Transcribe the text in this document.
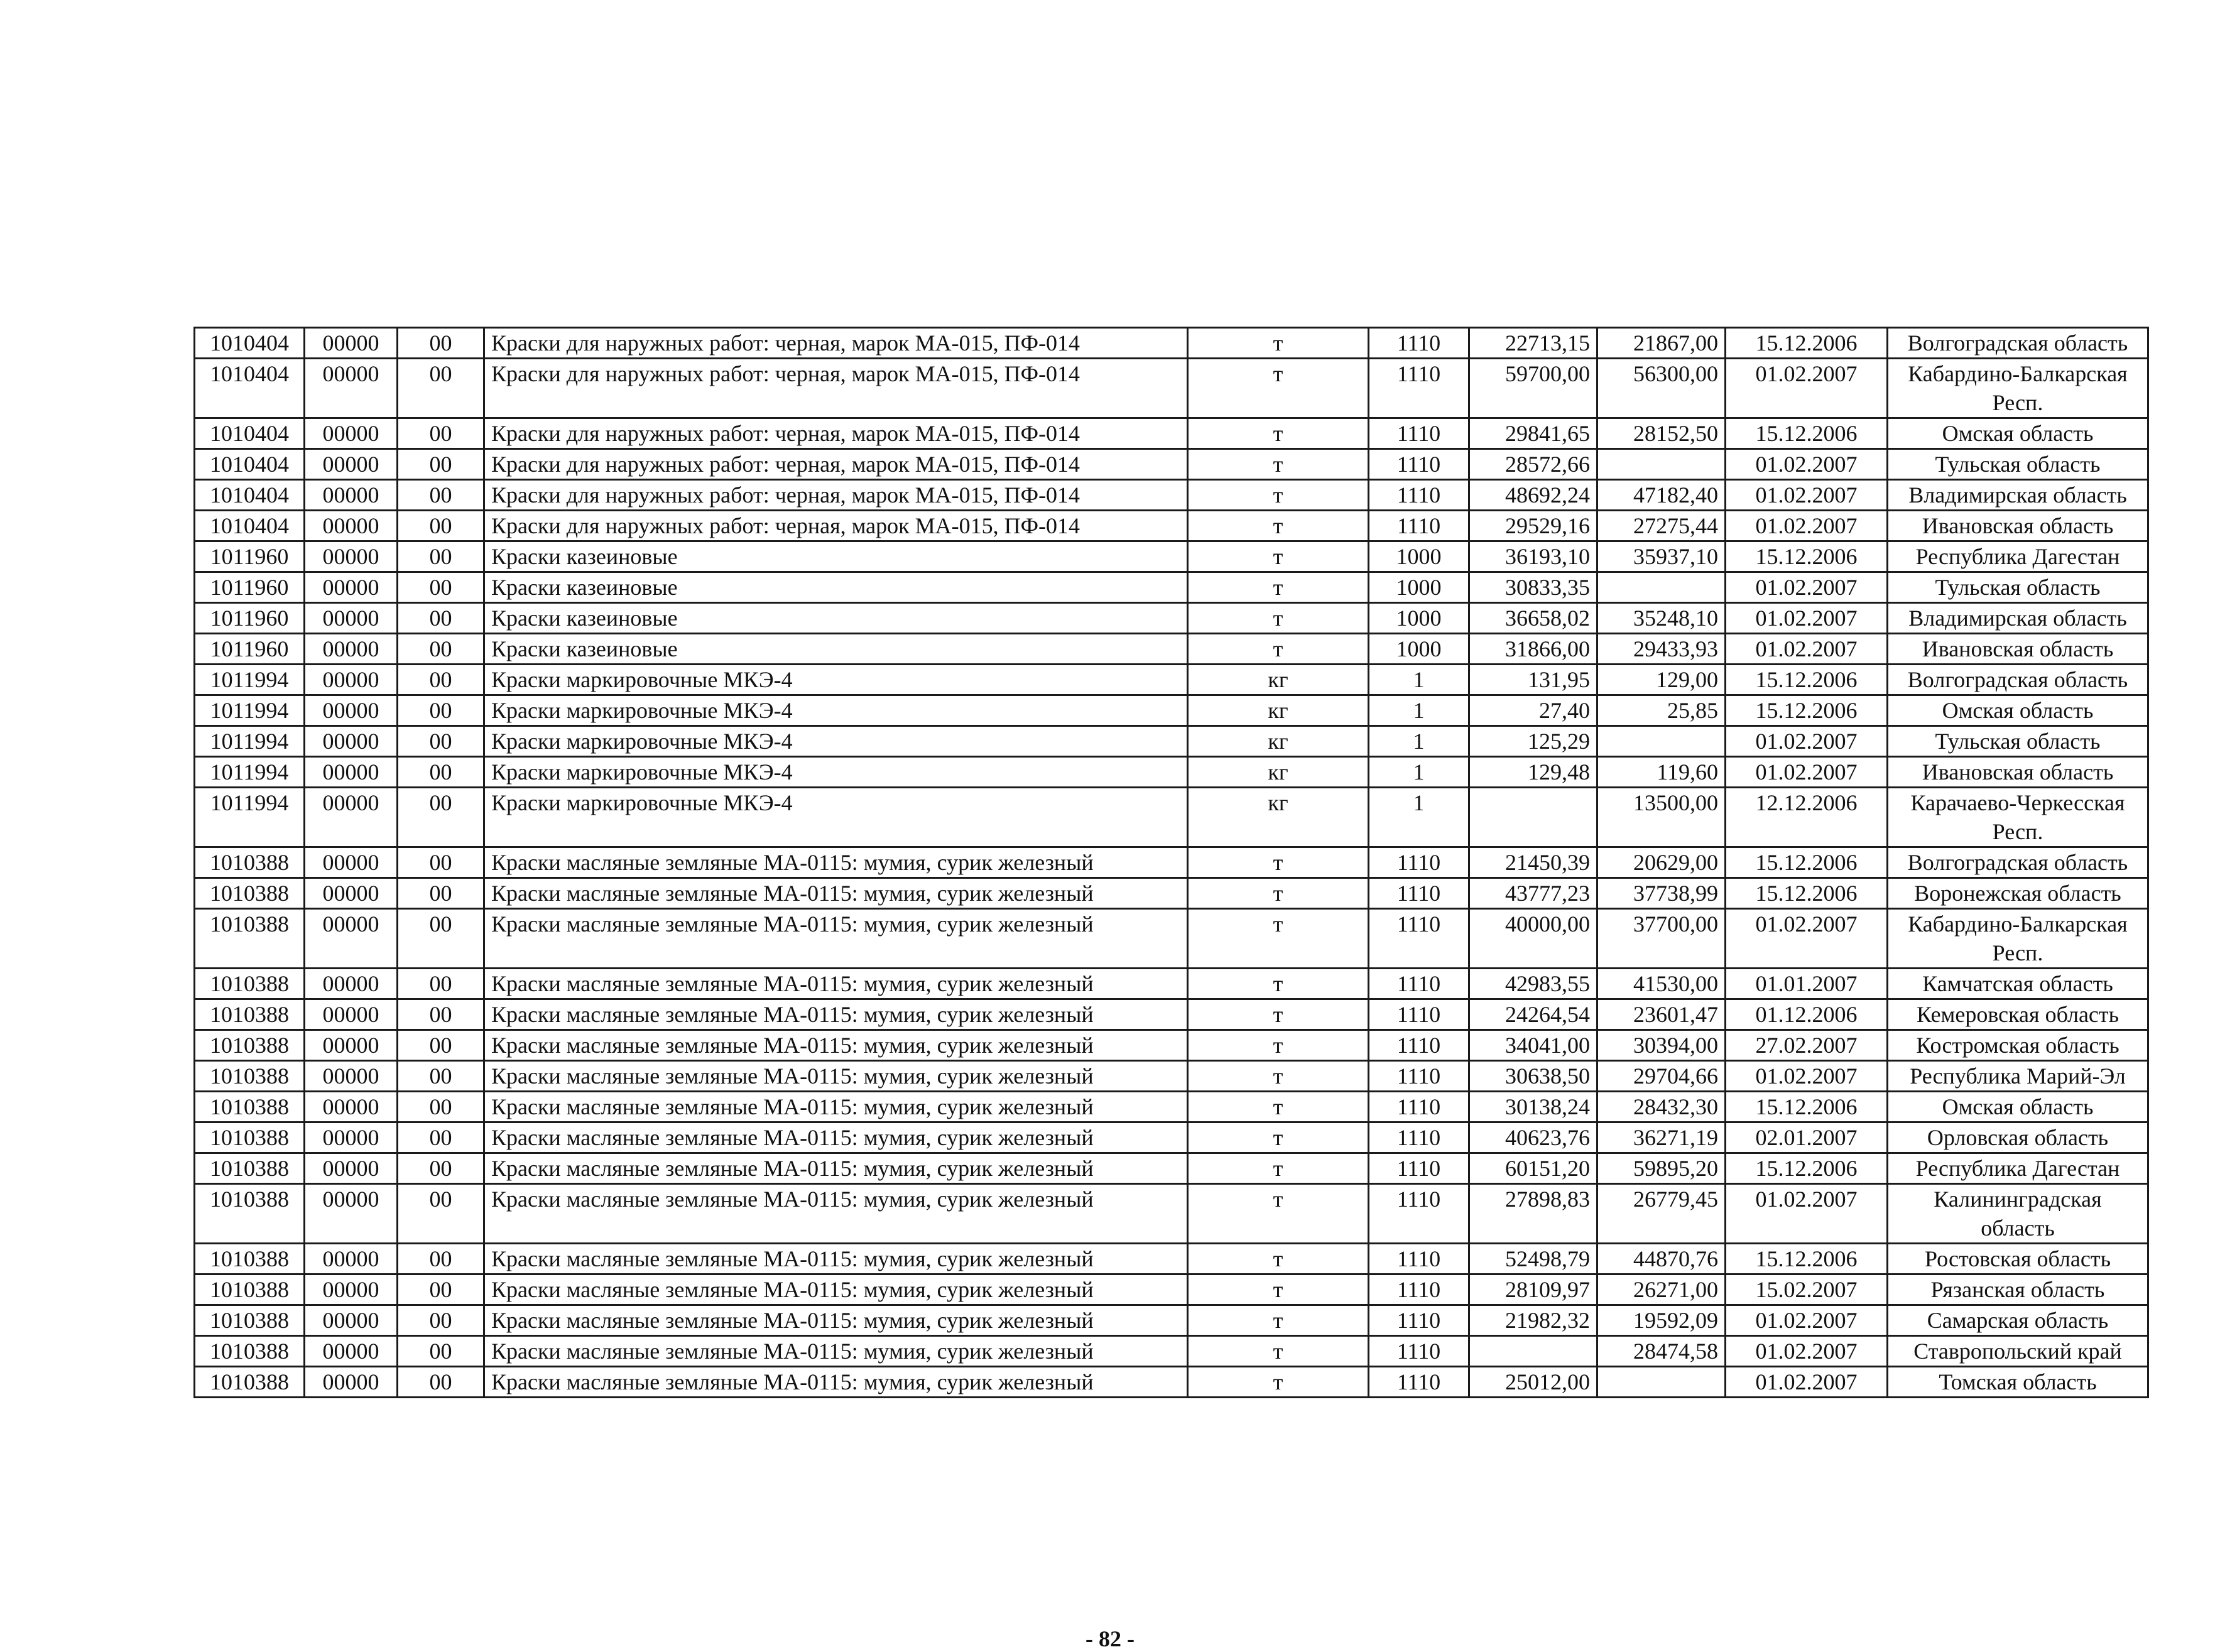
1010404	00000	00	Краски для наружных работ: черная, марок МА-015, ПФ-014	т	1110	22713,15	21867,00	15.12.2006	Волгоградская область
1010404	00000	00	Краски для наружных работ: черная, марок МА-015, ПФ-014	т	1110	59700,00	56300,00	01.02.2007	Кабардино-Балкарская Респ.
1010404	00000	00	Краски для наружных работ: черная, марок МА-015, ПФ-014	т	1110	29841,65	28152,50	15.12.2006	Омская область
1010404	00000	00	Краски для наружных работ: черная, марок МА-015, ПФ-014	т	1110	28572,66		01.02.2007	Тульская область
1010404	00000	00	Краски для наружных работ: черная, марок МА-015, ПФ-014	т	1110	48692,24	47182,40	01.02.2007	Владимирская область
1010404	00000	00	Краски для наружных работ: черная, марок МА-015, ПФ-014	т	1110	29529,16	27275,44	01.02.2007	Ивановская область
1011960	00000	00	Краски казеиновые	т	1000	36193,10	35937,10	15.12.2006	Республика Дагестан
1011960	00000	00	Краски казеиновые	т	1000	30833,35		01.02.2007	Тульская область
1011960	00000	00	Краски казеиновые	т	1000	36658,02	35248,10	01.02.2007	Владимирская область
1011960	00000	00	Краски казеиновые	т	1000	31866,00	29433,93	01.02.2007	Ивановская область
1011994	00000	00	Краски маркировочные МКЭ-4	кг	1	131,95	129,00	15.12.2006	Волгоградская область
1011994	00000	00	Краски маркировочные МКЭ-4	кг	1	27,40	25,85	15.12.2006	Омская область
1011994	00000	00	Краски маркировочные МКЭ-4	кг	1	125,29		01.02.2007	Тульская область
1011994	00000	00	Краски маркировочные МКЭ-4	кг	1	129,48	119,60	01.02.2007	Ивановская область
1011994	00000	00	Краски маркировочные МКЭ-4	кг	1		13500,00	12.12.2006	Карачаево-Черкесская Респ.
1010388	00000	00	Краски масляные земляные МА-0115: мумия, сурик железный	т	1110	21450,39	20629,00	15.12.2006	Волгоградская область
1010388	00000	00	Краски масляные земляные МА-0115: мумия, сурик железный	т	1110	43777,23	37738,99	15.12.2006	Воронежская область
1010388	00000	00	Краски масляные земляные МА-0115: мумия, сурик железный	т	1110	40000,00	37700,00	01.02.2007	Кабардино-Балкарская Респ.
1010388	00000	00	Краски масляные земляные МА-0115: мумия, сурик железный	т	1110	42983,55	41530,00	01.01.2007	Камчатская область
1010388	00000	00	Краски масляные земляные МА-0115: мумия, сурик железный	т	1110	24264,54	23601,47	01.12.2006	Кемеровская область
1010388	00000	00	Краски масляные земляные МА-0115: мумия, сурик железный	т	1110	34041,00	30394,00	27.02.2007	Костромская область
1010388	00000	00	Краски масляные земляные МА-0115: мумия, сурик железный	т	1110	30638,50	29704,66	01.02.2007	Республика Марий-Эл
1010388	00000	00	Краски масляные земляные МА-0115: мумия, сурик железный	т	1110	30138,24	28432,30	15.12.2006	Омская область
1010388	00000	00	Краски масляные земляные МА-0115: мумия, сурик железный	т	1110	40623,76	36271,19	02.01.2007	Орловская область
1010388	00000	00	Краски масляные земляные МА-0115: мумия, сурик железный	т	1110	60151,20	59895,20	15.12.2006	Республика Дагестан
1010388	00000	00	Краски масляные земляные МА-0115: мумия, сурик железный	т	1110	27898,83	26779,45	01.02.2007	Калининградская область
1010388	00000	00	Краски масляные земляные МА-0115: мумия, сурик железный	т	1110	52498,79	44870,76	15.12.2006	Ростовская область
1010388	00000	00	Краски масляные земляные МА-0115: мумия, сурик железный	т	1110	28109,97	26271,00	15.02.2007	Рязанская область
1010388	00000	00	Краски масляные земляные МА-0115: мумия, сурик железный	т	1110	21982,32	19592,09	01.02.2007	Самарская область
1010388	00000	00	Краски масляные земляные МА-0115: мумия, сурик железный	т	1110		28474,58	01.02.2007	Ставропольский край
1010388	00000	00	Краски масляные земляные МА-0115: мумия, сурик железный	т	1110	25012,00		01.02.2007	Томская область
- 82 -
